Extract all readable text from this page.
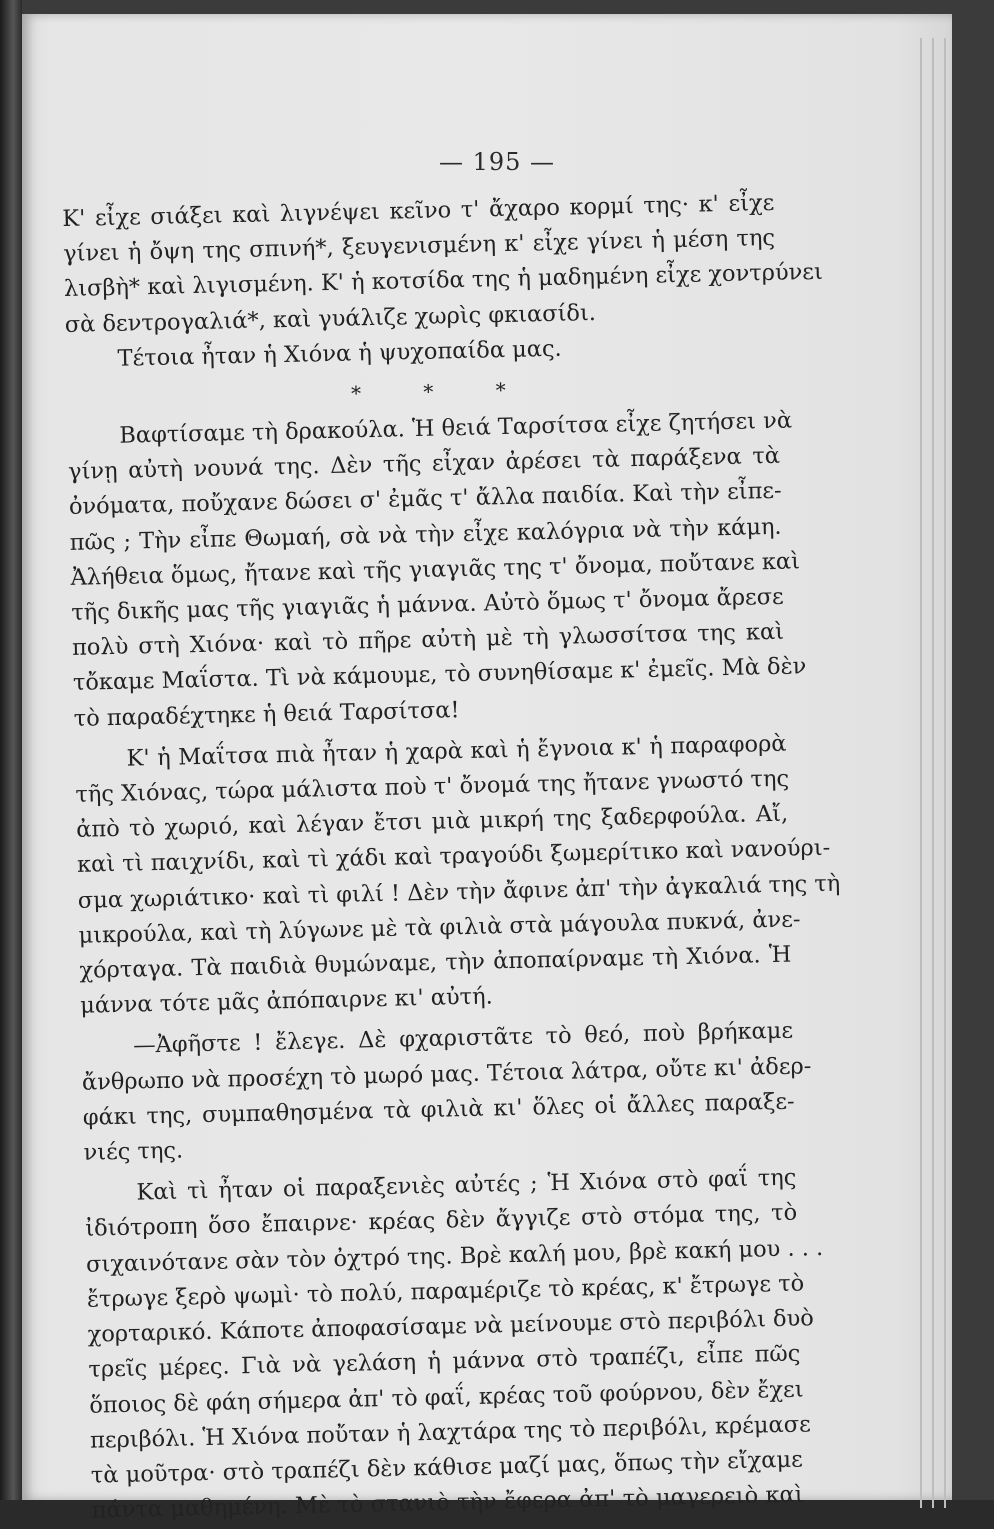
— 195 —

Κ' εἶχε σιάξει καὶ λιγνέψει κεῖνο τ' ἄχαρο κορμί της· κ' εἶχε
γίνει ἡ ὄψη της σπινή*, ξευγενισμένη κ' εἶχε γίνει ἡ μέση της
λισβὴ* καὶ λιγισμένη. Κ' ἡ κοτσίδα της ἡ μαδημένη εἶχε χοντρύνει
σὰ δεντρογαλιά*, καὶ γυάλιζε χωρὶς φκιασίδι.

Τέτοια ἦταν ἡ Χιόνα ἡ ψυχοπαίδα μας.

* * *

Βαφτίσαμε τὴ δρακούλα. Ἡ θειά Ταρσίτσα εἶχε ζητήσει νὰ
γίνῃ αὐτὴ νουνά της. Δὲν τῆς εἶχαν ἀρέσει τὰ παράξενα τὰ
ὀνόματα, ποὔχανε δώσει σ' ἐμᾶς τ' ἄλλα παιδία. Καὶ τὴν εἶπε-
πῶς ; Τὴν εἶπε Θωμαή, σὰ νὰ τὴν εἶχε καλόγρια νὰ τὴν κάμη.
Ἀλήθεια ὅμως, ἤτανε καὶ τῆς γιαγιᾶς της τ' ὄνομα, ποὔτανε καὶ
τῆς δικῆς μας τῆς γιαγιᾶς ἡ μάννα. Αὐτὸ ὅμως τ' ὄνομα ἄρεσε
πολὺ στὴ Χιόνα· καὶ τὸ πῆρε αὐτὴ μὲ τὴ γλωσσίτσα της καὶ
τὄκαμε Μαΐστα. Τὶ νὰ κάμουμε, τὸ συνηθίσαμε κ' ἐμεῖς. Μὰ δὲν
τὸ παραδέχτηκε ἡ θειά Ταρσίτσα!

Κ' ἡ Μαΐτσα πιὰ ἦταν ἡ χαρὰ καὶ ἡ ἔγνοια κ' ἡ παραφορὰ
τῆς Χιόνας, τώρα μάλιστα ποὺ τ' ὄνομά της ἤτανε γνωστό της
ἀπὸ τὸ χωριό, καὶ λέγαν ἔτσι μιὰ μικρή της ξαδερφούλα. Αἴ,
καὶ τὶ παιχνίδι, καὶ τὶ χάδι καὶ τραγούδι ξωμερίτικο καὶ νανούρι-
σμα χωριάτικο· καὶ τὶ φιλί ! Δὲν τὴν ἄφινε ἀπ' τὴν ἀγκαλιά της τὴ
μικρούλα, καὶ τὴ λύγωνε μὲ τὰ φιλιὰ στὰ μάγουλα πυκνά, ἀνε-
χόρταγα. Τὰ παιδιὰ θυμώναμε, τὴν ἀποπαίρναμε τὴ Χιόνα. Ἡ
μάννα τότε μᾶς ἀπόπαιρνε κι' αὐτή.

—Ἀφῆστε ! ἔλεγε. Δὲ φχαριστᾶτε τὸ θεό, ποὺ βρήκαμε
ἄνθρωπο νὰ προσέχη τὸ μωρό μας. Τέτοια λάτρα, οὔτε κι' ἀδερ-
φάκι της, συμπαθησμένα τὰ φιλιὰ κι' ὅλες οἱ ἄλλες παραξε-
νιές της.

Καὶ τὶ ἦταν οἱ παραξενιὲς αὐτές ; Ἡ Χιόνα στὸ φαΐ της
ἰδιότροπη ὅσο ἔπαιρνε· κρέας δὲν ἄγγιζε στὸ στόμα της, τὸ
σιχαινότανε σὰν τὸν ὀχτρό της. Βρὲ καλή μου, βρὲ κακή μου . . .
ἔτρωγε ξερὸ ψωμὶ· τὸ πολύ, παραμέριζε τὸ κρέας, κ' ἔτρωγε τὸ
χορταρικό. Κάποτε ἀποφασίσαμε νὰ μείνουμε στὸ περιβόλι δυὸ
τρεῖς μέρες. Γιὰ νὰ γελάση ἡ μάννα στὸ τραπέζι, εἶπε πῶς
ὅποιος δὲ φάη σήμερα ἀπ' τὸ φαΐ, κρέας τοῦ φούρνου, δὲν ἔχει
περιβόλι. Ἡ Χιόνα ποὔταν ἡ λαχτάρα της τὸ περιβόλι, κρέμασε
τὰ μοῦτρα· στὸ τραπέζι δὲν κάθισε μαζί μας, ὅπως τὴν εἴχαμε
πάντα μαθημένη. Μὲ τὸ στανιὸ τὴν ἔφερα ἀπ' τὸ μαγερειὸ καὶ
